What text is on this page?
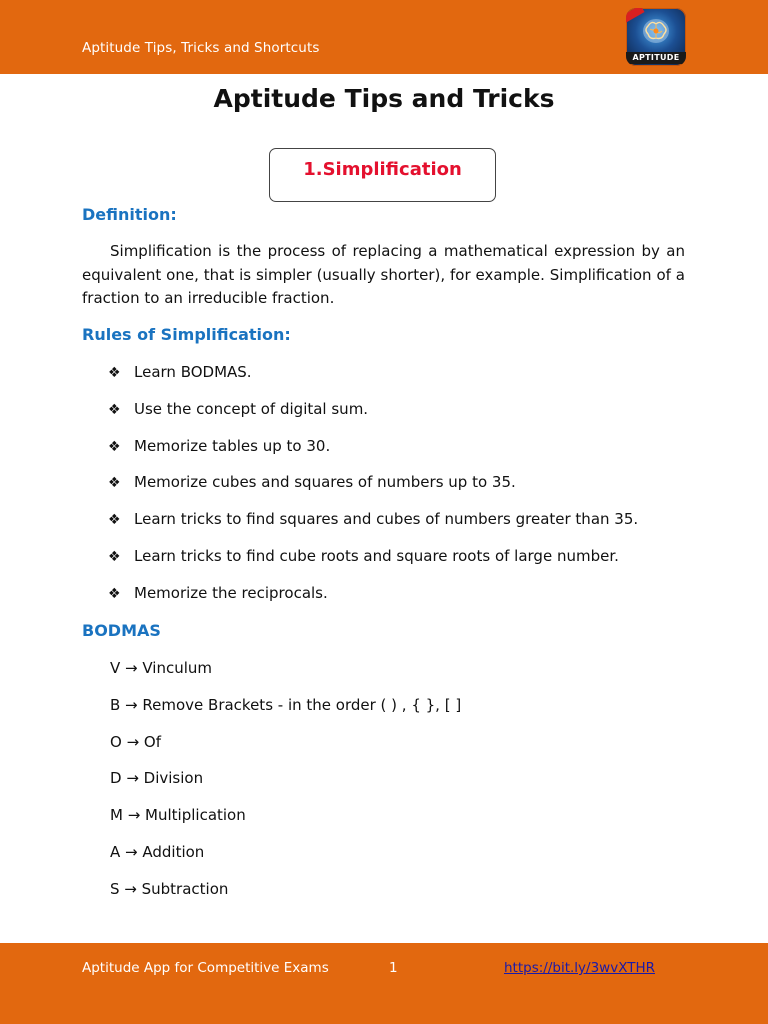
Aptitude Tips, Tricks and Shortcuts
APTITUDE
Aptitude Tips and Tricks
1.Simplification
Definition:
Simplification is the process of replacing a mathematical expression by an equivalent one, that is simpler (usually shorter), for example. Simplification of a fraction to an irreducible fraction.
Rules of Simplification:
❖ Learn BODMAS.
❖ Use the concept of digital sum.
❖ Memorize tables up to 30.
❖ Memorize cubes and squares of numbers up to 35.
❖ Learn tricks to find squares and cubes of numbers greater than 35.
❖ Learn tricks to find cube roots and square roots of large number.
❖ Memorize the reciprocals.
BODMAS
V → Vinculum
B → Remove Brackets - in the order ( ) , { }, [ ]
O → Of
D → Division
M → Multiplication
A → Addition
S → Subtraction
Aptitude App for Competitive Exams	1	https://bit.ly/3wvXTHR
